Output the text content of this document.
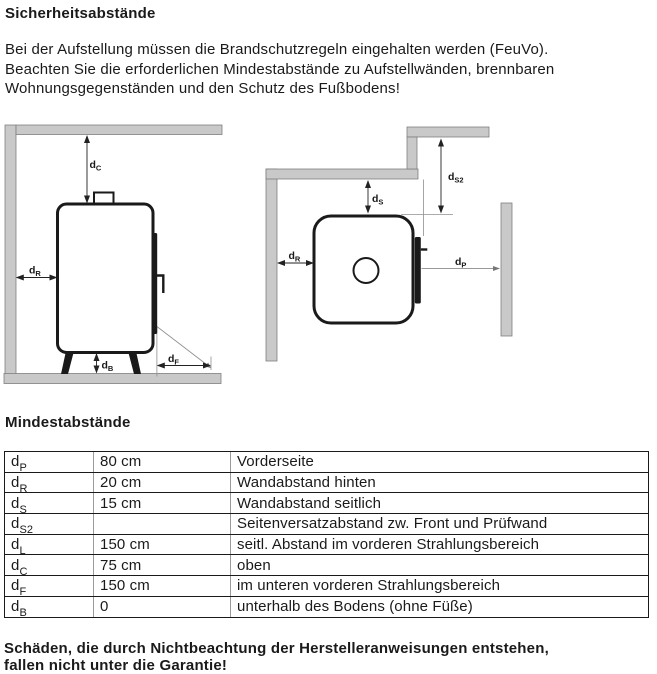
Sicherheitsabstände
Bei der Aufstellung müssen die Brandschutzregeln eingehalten werden (FeuVo).
Beachten Sie die erforderlichen Mindestabstände zu Aufstellwänden, brennbaren
Wohnungsgegenständen und den Schutz des Fußbodens!
$d_C$
$d_R$
$d_B$
$d_F$
$d_S$
$d_{S2}$
$d_R$	$d_P$
Mindestabstände
$d_P$	80 cm	Vorderseite
$d_R$	20 cm	Wandabstand hinten
$d_S$	15 cm	Wandabstand seitlich
$d_{S2}$		Seitenversatzabstand zw. Front und Prüfwand
$d_L$	150 cm	seitl. Abstand im vorderen Strahlungsbereich
$d_C$	75 cm	oben
$d_F$	150 cm	im unteren vorderen Strahlungsbereich
$d_B$	0	unterhalb des Bodens (ohne Füße)
Schäden, die durch Nichtbeachtung der Herstelleranweisungen entstehen,
fallen nicht unter die Garantie!
